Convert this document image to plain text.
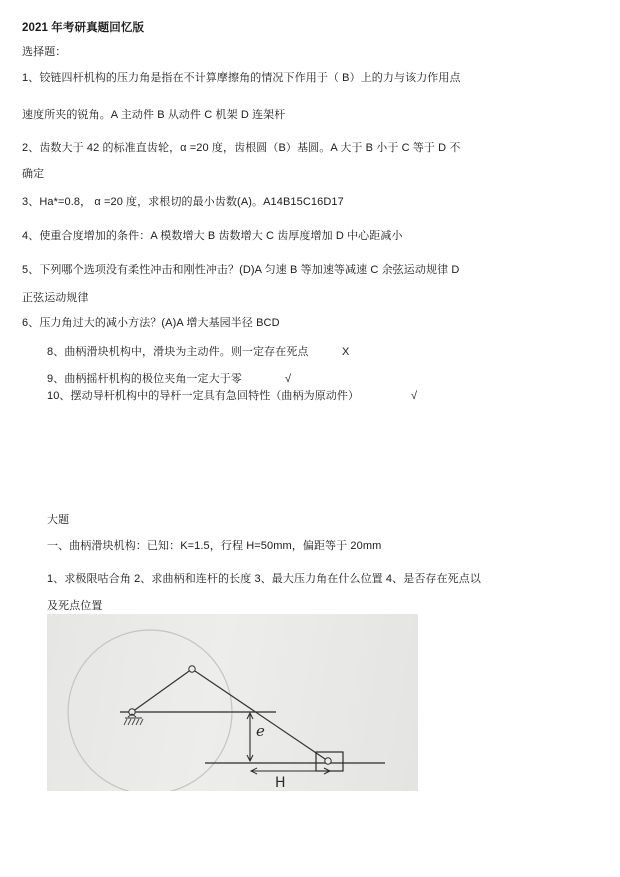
2021 年考研真题回忆版
选择题：
1、铰链四杆机构的压力角是指在不计算摩擦角的情况下作用于（ B）上的力与该力作用点
速度所夹的锐角。A 主动件 B 从动件 C 机架 D 连架杆
2、齿数大于 42 的标准直齿轮，α =20 度，齿根圆（B）基圆。A 大于 B 小于 C 等于 D 不
确定
3、Ha*=0.8， α =20 度，求根切的最小齿数(A)。A14B15C16D17
4、使重合度增加的条件：A 模数增大 B 齿数增大 C 齿厚度增加 D 中心距减小
5、下列哪个选项没有柔性冲击和刚性冲击？(D)A 匀速 B 等加速等减速 C 余弦运动规律 D
正弦运动规律
6、压力角过大的减小方法？(A)A 增大基园半径 BCD
8、曲柄滑块机构中，滑块为主动件。则一定存在死点	X
9、曲柄摇杆机构的极位夹角一定大于零	√
10、摆动导杆机构中的导杆一定具有急回特性（曲柄为原动件）	√
大题
一、曲柄滑块机构：已知：K=1.5，行程 H=50mm，偏距等于 20mm
1、求极限咕合角 2、求曲柄和连杆的长度 3、最大压力角在什么位置 4、是否存在死点以
及死点位置
e
H
